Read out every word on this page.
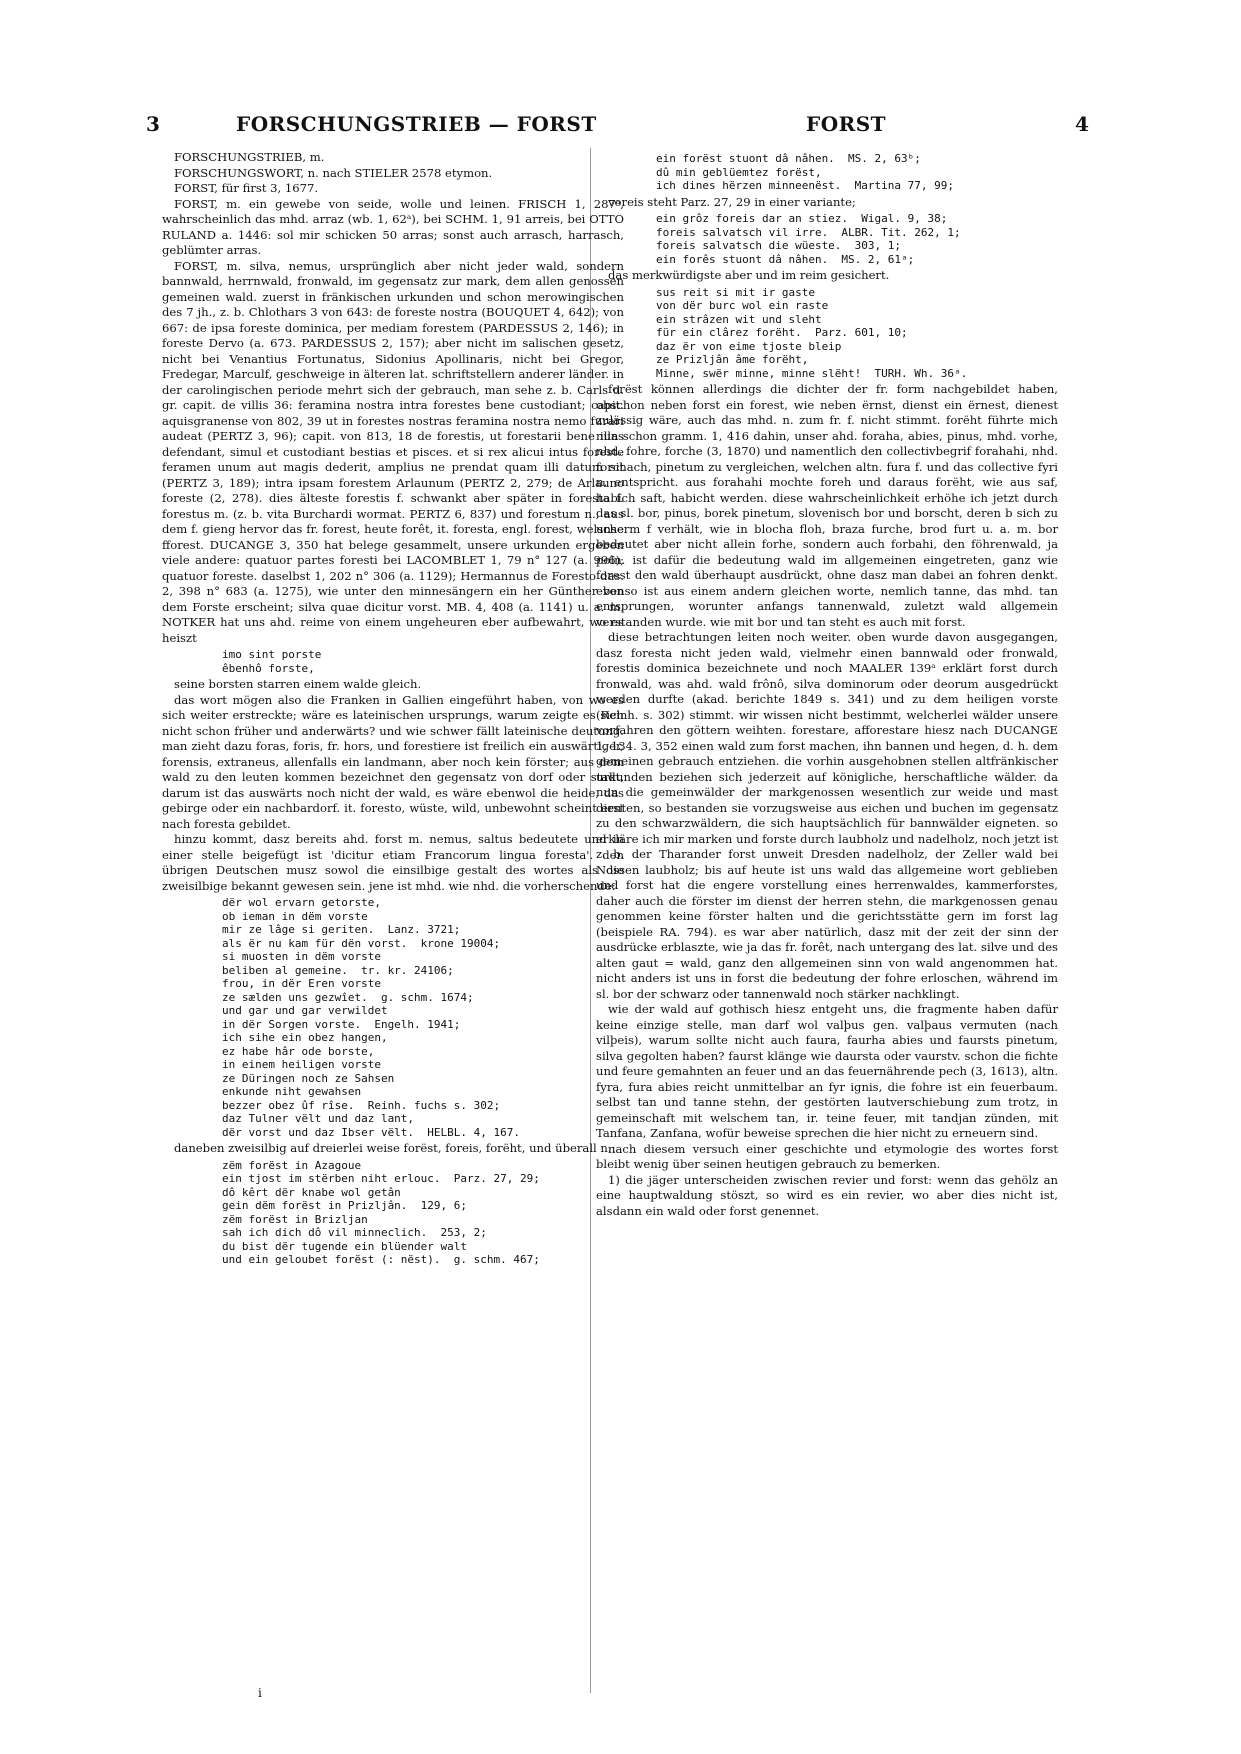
3	FORSCHUNGSTRIEB — FORST	FORST	4
FORSCHUNGSTRIEB, m.
FORSCHUNGSWORT, n. nach STIELER 2578 etymon.
FORST, für first 3, 1677.
FORST, m. ein gewebe von seide, wolle und leinen. FRISCH 1, 287ᵃ, wahrscheinlich das mhd. arraz (wb. 1, 62ᵃ), bei SCHM. 1, 91 arreis, bei OTTO RULAND a. 1446: sol mir schicken 50 arras; sonst auch arrasch, harrasch, geblümter arras.
FORST, m. silva, nemus, ursprünglich aber nicht jeder wald, sondern bannwald, herrnwald, fronwald, im gegensatz zur mark, dem allen genossen gemeinen wald. zuerst in fränkischen urkunden und schon merowingischen des 7 jh., z. b. Chlothars 3 von 643: de foreste nostra (BOUQUET 4, 642); von 667: de ipsa foreste dominica, per mediam forestem (PARDESSUS 2, 146); in foreste Dervo (a. 673. PARDESSUS 2, 157); aber nicht im salischen gesetz, nicht bei Venantius Fortunatus, Sidonius Apollinaris, nicht bei Gregor, Fredegar, Marculf, geschweige in älteren lat. schriftstellern anderer länder. in der carolingischen periode mehrt sich der gebrauch, man sehe z. b. Carls d. gr. capit. de villis 36: feramina nostra intra forestes bene custodiant; capit. aquisgranense von 802, 39 ut in forestes nostras feramina nostra nemo furari audeat (PERTZ 3, 96); capit. von 813, 18 de forestis, ut forestarii bene illas defendant, simul et custodiant bestias et pisces. et si rex alicui intus foreste feramen unum aut magis dederit, amplius ne prendat quam illi datum sit (PERTZ 3, 189); intra ipsam forestem Arlaunum (PERTZ 2, 279; de Arlauno foreste (2, 278). dies älteste forestis f. schwankt aber später in foresta f. forestus m. (z. b. vita Burchardi wormat. PERTZ 6, 837) und forestum n., aus dem f. gieng hervor das fr. forest, heute forêt, it. foresta, engl. forest, welsche fforest. DUCANGE 3, 350 hat belege gesammelt, unsere urkunden ergeben viele andere: quatuor partes foresti bei LACOMBLET 1, 79 n° 127 (a. 996); quatuor foreste. daselbst 1, 202 n° 306 (a. 1129); Hermannus de Foresto das. 2, 398 n° 683 (a. 1275), wie unter den minnesängern ein her Günther von dem Forste erscheint; silva quae dicitur vorst. MB. 4, 408 (a. 1141) u. a. m. NOTKER hat uns ahd. reime von einem ungeheuren eber aufbewahrt, wo es heiszt
imo sint porste
êbenhô forste,
seine borsten starren einem walde gleich.
das wort mögen also die Franken in Gallien eingeführt haben, von wo es sich weiter erstreckte; wäre es lateinischen ursprungs, warum zeigte es sich nicht schon früher und anderwärts? und wie schwer fällt lateinische deutung. man zieht dazu foras, foris, fr. hors, und forestiere ist freilich ein auswärtiger, forensis, extraneus, allenfalls ein landmann, aber noch kein förster; aus dem wald zu den leuten kommen bezeichnet den gegensatz von dorf oder stadt, darum ist das auswärts noch nicht der wald, es wäre ebenwol die heide, das gebirge oder ein nachbardorf. it. foresto, wüste, wild, unbewohnt scheint erst nach foresta gebildet.
hinzu kommt, dasz bereits ahd. forst m. nemus, saltus bedeutete und in einer stelle beigefügt ist 'dicitur etiam Francorum lingua foresta'. den übrigen Deutschen musz sowol die einsilbige gestalt des wortes als die zweisilbige bekannt gewesen sein. jene ist mhd. wie nhd. die vorherschende:
dër wol ervarn getorste,
ob ieman in dëm vorste
mir ze lâge si geriten.  Lanz. 3721;
als ër nu kam für dën vorst.  krone 19004;
si muosten in dëm vorste
beliben al gemeine.  tr. kr. 24106;
frou, in dër Eren vorste
ze sælden uns gezwîet.  g. schm. 1674;
und gar und gar verwildet
in dër Sorgen vorste.  Engelh. 1941;
ich sihe ein obez hangen,
ez habe hâr ode borste,
in einem heiligen vorste
ze Düringen noch ze Sahsen
enkunde niht gewahsen
bezzer obez ûf rîse.  Reinh. fuchs s. 302;
daz Tulner vëlt und daz lant,
dër vorst und daz Ibser vëlt.  HELBL. 4, 167.
daneben zweisilbig auf dreierlei weise forëst, foreis, forëht, und überall n.:
zëm forëst in Azagoue
ein tjost im stërben niht erlouc.  Parz. 27, 29;
dô kêrt dër knabe wol getân
gein dëm forëst in Prizljân.  129, 6;
zëm forëst in Brizljan
sah ich dich dô vil minneclich.  253, 2;
du bist dër tugende ein blüender walt
und ein geloubet forëst (: nëst).  g. schm. 467;
ein forëst stuont dâ nâhen.  MS. 2, 63ᵇ;
dû min geblüemtez forëst,
ich dines hërzen minneenëst.  Martina 77, 99;
voreis steht Parz. 27, 29 in einer variante;
ein grôz foreis dar an stiez.  Wigal. 9, 38;
foreis salvatsch vil irre.  ALBR. Tit. 262, 1;
foreis salvatsch die wüeste.  303, 1;
ein forês stuont dâ nâhen.  MS. 2, 61ᵃ;
das merkwürdigste aber und im reim gesichert.
sus reit si mit ir gaste
von dër burc wol ein raste
ein strâzen wit und sleht
für ein clârez forëht.  Parz. 601, 10;
daz ër von eime tjoste bleip
ze Prizljân âme forëht,
Minne, swër minne, minne slëht!  TURH. Wh. 36ᵃ.
forëst können allerdings die dichter der fr. form nachgebildet haben, obschon neben forst ein forest, wie neben ërnst, dienst ein ërnest, dienest zulässig wäre, auch das mhd. n. zum fr. f. nicht stimmt. forëht führte mich nun schon gramm. 1, 416 dahin, unser ahd. foraha, abies, pinus, mhd. vorhe, nhd. fohre, forche (3, 1870) und namentlich den collectivbegrif forahahi, nhd. forchach, pinetum zu vergleichen, welchen altn. fura f. und das collective fyri n. entspricht. aus forahahi mochte foreh und daraus forëht, wie aus saf, habich saft, habicht werden. diese wahrscheinlichkeit erhöhe ich jetzt durch das sl. bor, pinus, borek pinetum, slovenisch bor und borscht, deren b sich zu unserm f verhält, wie in blocha floh, braza furche, brod furt u. a. m. bor bedeutet aber nicht allein forhe, sondern auch forbahi, den föhrenwald, ja poln. ist dafür die bedeutung wald im allgemeinen eingetreten, ganz wie forest den wald überhaupt ausdrückt, ohne dasz man dabei an fohren denkt. ebenso ist aus einem andern gleichen worte, nemlich tanne, das mhd. tan entsprungen, worunter anfangs tannenwald, zuletzt wald allgemein verstanden wurde. wie mit bor und tan steht es auch mit forst.
diese betrachtungen leiten noch weiter. oben wurde davon ausgegangen, dasz foresta nicht jeden wald, vielmehr einen bannwald oder fronwald, forestis dominica bezeichnete und noch MAALER 139ᵃ erklärt forst durch fronwald, was ahd. wald frônô, silva dominorum oder deorum ausgedrückt werden durfte (akad. berichte 1849 s. 341) und zu dem heiligen vorste (Reinh. s. 302) stimmt. wir wissen nicht bestimmt, welcherlei wälder unsere vorfahren den göttern weihten. forestare, afforestare hiesz nach DUCANGE 1, 134. 3, 352 einen wald zum forst machen, ihn bannen und hegen, d. h. dem gemeinen gebrauch entziehen. die vorhin ausgehobnen stellen altfränkischer urkunden beziehen sich jederzeit auf königliche, herschaftliche wälder. da nun die gemeinwälder der markgenossen wesentlich zur weide und mast dienten, so bestanden sie vorzugsweise aus eichen und buchen im gegensatz zu den schwarzwäldern, die sich hauptsächlich für bannwälder eigneten. so erkläre ich mir marken und forste durch laubholz und nadelholz, noch jetzt ist z. b. der Tharander forst unweit Dresden nadelholz, der Zeller wald bei Nossen laubholz; bis auf heute ist uns wald das allgemeine wort geblieben und forst hat die engere vorstellung eines herrenwaldes, kammerforstes, daher auch die förster im dienst der herren stehn, die markgenossen genau genommen keine förster halten und die gerichtsstätte gern im forst lag (beispiele RA. 794). es war aber natürlich, dasz mit der zeit der sinn der ausdrücke erblaszte, wie ja das fr. forêt, nach untergang des lat. silve und des alten gaut = wald, ganz den allgemeinen sinn von wald angenommen hat. nicht anders ist uns in forst die bedeutung der fohre erloschen, während im sl. bor der schwarz oder tannenwald noch stärker nachklingt.
wie der wald auf gothisch hiesz entgeht uns, die fragmente haben dafür keine einzige stelle, man darf wol valþus gen. valþaus vermuten (nach vilþeis), warum sollte nicht auch faura, faurha abies und faursts pinetum, silva gegolten haben? faurst klänge wie daursta oder vaurstv. schon die fichte und feure gemahnten an feuer und an das feuernährende pech (3, 1613), altn. fyra, fura abies reicht unmittelbar an fyr ignis, die fohre ist ein feuerbaum. selbst tan und tanne stehn, der gestörten lautverschiebung zum trotz, in gemeinschaft mit welschem tan, ir. teine feuer, mit tandjan zünden, mit Tanfana, Zanfana, wofür beweise sprechen die hier nicht zu erneuern sind.
nach diesem versuch einer geschichte und etymologie des wortes forst bleibt wenig über seinen heutigen gebrauch zu bemerken.
1) die jäger unterscheiden zwischen revier und forst: wenn das gehölz an eine hauptwaldung stöszt, so wird es ein revier, wo aber dies nicht ist, alsdann ein wald oder forst genennet.
i
